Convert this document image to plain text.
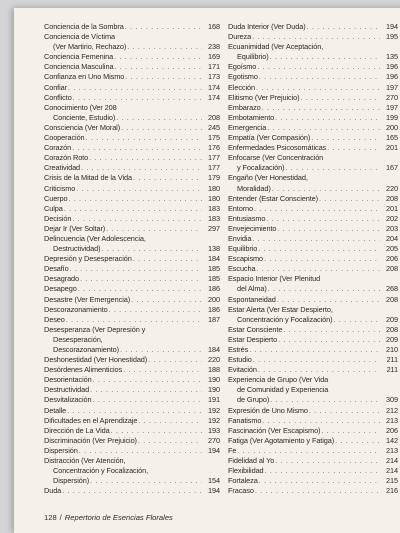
Conciencia de la Sombra . . .	168
Conciencia de Víctima
(Ver Martirio, Rechazo) . . .	238
Conciencia Femenina . . .	169
Conciencia Masculina . . .	171
Confianza en Uno Mismo . . .	173
Confiar . . .	174
Conflicto . . .	174
Conocimiento (Ver 208
Conciente, Estudio) . . .	208
Consciencia (Ver Moral) . . .	245
Cooperación . . .	175
Corazón . . .	176
Corazón Roto . . .	177
Creatividad . . .	177
Crisis de la Mitad de la Vida . . .	179
Criticismo . . .	180
Cuerpo . . .	180
Culpa . . .	183
Decisión . . .	183
Dejar Ir (Ver Soltar) . . .	297
Delincuencia (Ver Adolescencia,
Destructividad) . . .	138
Depresión y Desesperación . . .	184
Desafío . . .	185
Desagrado . . .	185
Desapego . . .	186
Desastre (Ver Emergencia) . . .	200
Descorazonamiento . . .	186
Deseo . . .	187
Desesperanza (Ver Depresión y
Desesperación,
Descorazonamiento) . . .	184
Deshonestidad (Ver Honestidad) . . .	220
Desórdenes Alimenticios . . .	188
Desorientación . . .	190
Destructividad . . .	190
Desvitalización . . .	191
Detalle . . .	192
Dificultades en el Aprendizaje . . .	192
Dirección de La Vida . . .	193
Discriminación (Ver Prejuicio) . . .	270
Dispersión . . .	194
Distracción (Ver Atención,
Concentración y Focalización,
Dispersión) . . .	154
Duda . . .	194
Duda Interior (Ver Duda) . . .	194
Dureza . . .	195
Ecuanimidad (Ver Aceptación,
Equilibrio) . . .	135
Egoísmo . . .	196
Egotismo . . .	196
Elección . . .	197
Elitismo (Ver Prejuicio) . . .	270
Embarazo . . .	197
Embotamiento . . .	199
Emergencia . . .	200
Empatía (Ver Compasión) . . .	165
Enfermedades Psicosomáticas . . .	201
Enfocarse (Ver Concentración
y Focalización) . . .	167
Engaño (Ver Honestidad,
Moralidad) . . .	220
Entender (Estar Consciente) . . .	208
Entorno . . .	201
Entusiasmo . . .	202
Envejecimiento . . .	203
Envidia . . .	204
Equilibrio . . .	205
Escapismo . . .	206
Escucha . . .	208
Espacio Interior (Ver Plenitud
del Alma) . . .	268
Espontaneidad . . .	208
Estar Alerta (Ver Estar Despierto,
Concentración y Focalización) . . .	209
Estar Consciente . . .	208
Estar Despierto . . .	209
Estrés . . .	210
Estudio . . .	211
Evitación . . .	211
Experiencia de Grupo (Ver Vida
de Comunidad y Experiencia
de Grupo) . . .	309
Expresión de Uno Mismo . . .	212
Fanatismo . . .	213
Fascinación (Ver Escapismo) . . .	206
Fatiga (Ver Agotamiento y Fatiga) . . .	142
Fe . . .	213
Fidelidad al Yo . . .	214
Flexibilidad . . .	214
Fortaleza . . .	215
Fracaso . . .	216
128 / Repertorio de Esencias Florales
